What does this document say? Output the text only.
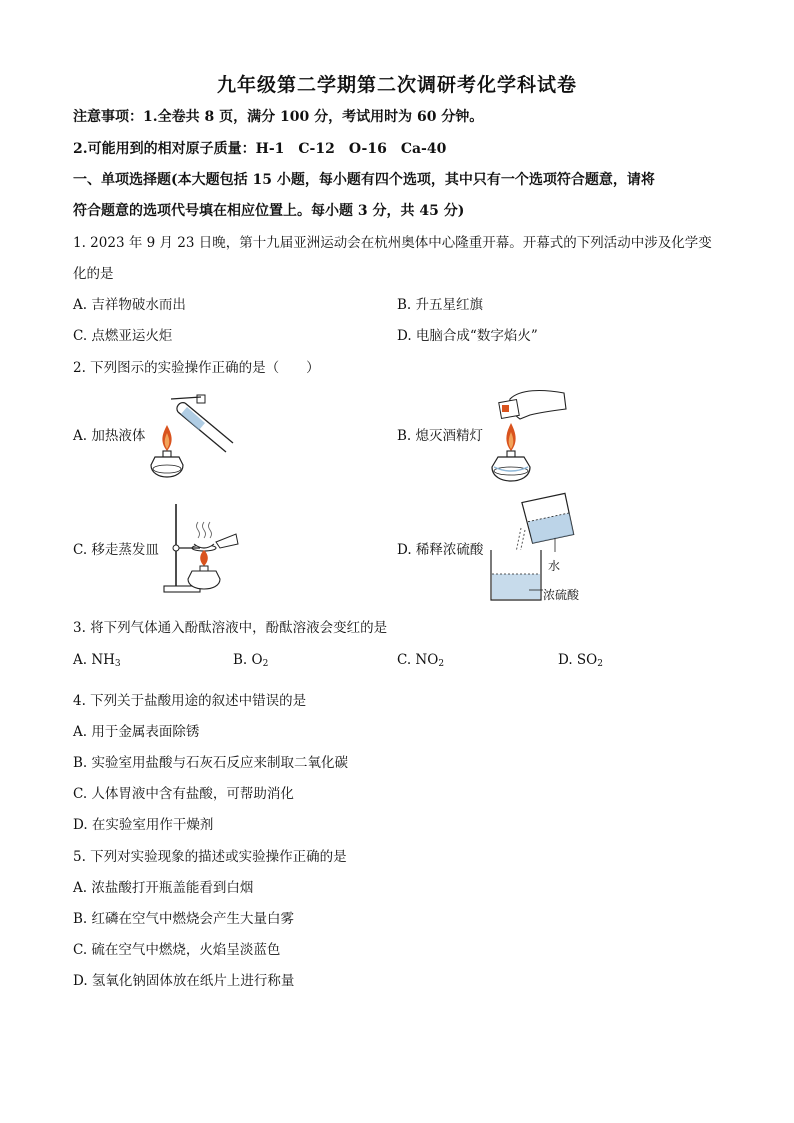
九年级第二学期第二次调研考化学科试卷
注意事项：1.全卷共 8 页，满分 100 分，考试用时为 60 分钟。
2.可能用到的相对原子质量：H-1　C-12　O-16　Ca-40
一、单项选择题(本大题包括 15 小题，每小题有四个选项，其中只有一个选项符合题意，请将
符合题意的选项代号填在相应位置上。每小题 3 分，共 45 分)
1. 2023 年 9 月 23 日晚，第十九届亚洲运动会在杭州奥体中心隆重开幕。开幕式的下列活动中涉及化学变
化的是
A. 吉祥物破水而出	B. 升五星红旗
C. 点燃亚运火炬	D. 电脑合成“数字焰火”
2. 下列图示的实验操作正确的是（　　）
A. 加热液体	B. 熄灭酒精灯
C. 移走蒸发皿	D. 稀释浓硫酸
水
浓硫酸
3. 将下列气体通入酚酞溶液中，酚酞溶液会变红的是
A. $NH_3$	B. $O_2$	C. $NO_2$	D. $SO_2$
4. 下列关于盐酸用途的叙述中错误的是
A. 用于金属表面除锈
B. 实验室用盐酸与石灰石反应来制取二氧化碳
C. 人体胃液中含有盐酸，可帮助消化
D. 在实验室用作干燥剂
5. 下列对实验现象的描述或实验操作正确的是
A. 浓盐酸打开瓶盖能看到白烟
B. 红磷在空气中燃烧会产生大量白雾
C. 硫在空气中燃烧，火焰呈淡蓝色
D. 氢氧化钠固体放在纸片上进行称量
